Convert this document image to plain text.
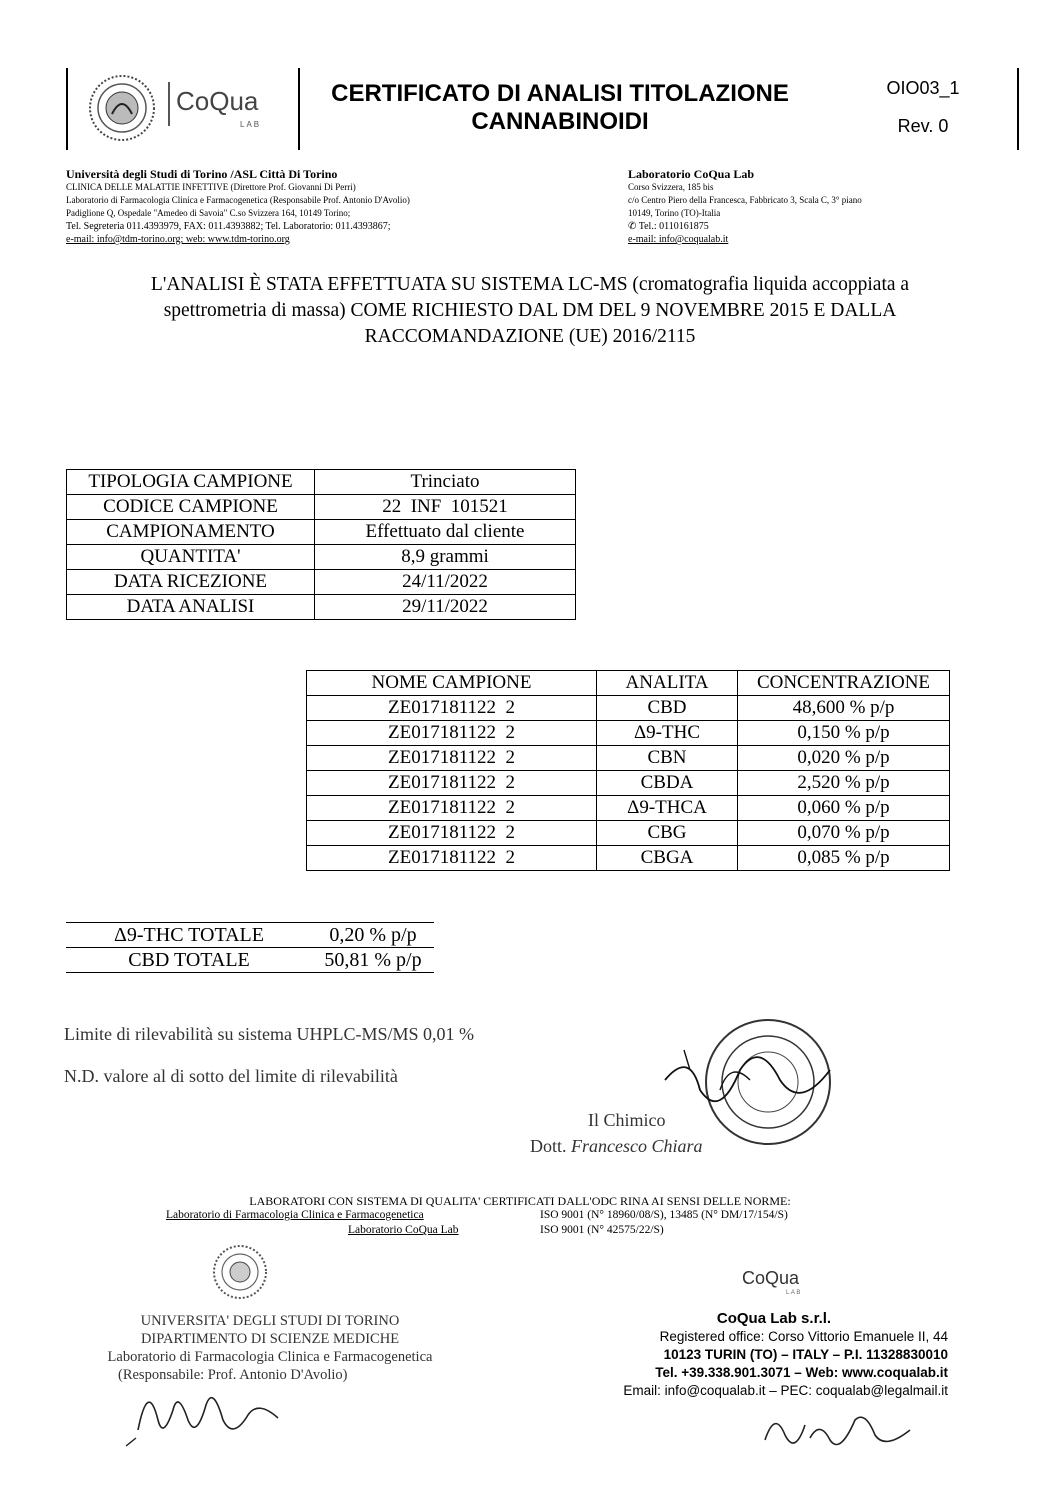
CoQua
LAB
CERTIFICATO DI ANALISI TITOLAZIONE
CANNABINOIDI
OIO03_1
Rev. 0
Università degli Studi di Torino /ASL Città Di Torino
CLINICA DELLE MALATTIE INFETTIVE (Direttore Prof. Giovanni Di Perri)
Laboratorio di Farmacologia Clinica e Farmacogenetica (Responsabile Prof. Antonio D'Avolio)
Padiglione Q, Ospedale "Amedeo di Savoia" C.so Svizzera 164, 10149 Torino;
Tel. Segreteria 011.4393979, FAX: 011.4393882; Tel. Laboratorio: 011.4393867;
e-mail: info@tdm-torino.org; web: www.tdm-torino.org
Laboratorio CoQua Lab
Corso Svizzera, 185 bis
c/o Centro Piero della Francesca, Fabbricato 3, Scala C, 3° piano
10149, Torino (TO)-Italia
✆ Tel.: 0110161875
e-mail: info@coqualab.it
L'ANALISI È STATA EFFETTUATA SU SISTEMA LC-MS (cromatografia liquida accoppiata a
spettrometria di massa) COME RICHIESTO DAL DM DEL 9 NOVEMBRE 2015 E DALLA
RACCOMANDAZIONE (UE) 2016/2115
TIPOLOGIA CAMPIONE	Trinciato
CODICE CAMPIONE	22  INF  101521
CAMPIONAMENTO	Effettuato dal cliente
QUANTITA'	8,9 grammi
DATA RICEZIONE	24/11/2022
DATA ANALISI	29/11/2022
NOME CAMPIONE	ANALITA	CONCENTRAZIONE
ZE017181122  2	CBD	48,600 % p/p
ZE017181122  2	Δ9-THC	0,150 % p/p
ZE017181122  2	CBN	0,020 % p/p
ZE017181122  2	CBDA	2,520 % p/p
ZE017181122  2	Δ9-THCA	0,060 % p/p
ZE017181122  2	CBG	0,070 % p/p
ZE017181122  2	CBGA	0,085 % p/p
Δ9-THC TOTALE	0,20 % p/p
CBD TOTALE	50,81 % p/p
Limite di rilevabilità su sistema UHPLC-MS/MS 0,01 %
N.D. valore al di sotto del limite di rilevabilità
Il Chimico
Dott. Francesco Chiara
LABORATORI CON SISTEMA DI QUALITA' CERTIFICATI DALL'ODC RINA AI SENSI DELLE NORME:
Laboratorio di Farmacologia Clinica e Farmacogenetica	ISO 9001 (N° 18960/08/S), 13485 (N° DM/17/154/S)
Laboratorio CoQua Lab	ISO 9001 (N° 42575/22/S)
CoQua
LAB
UNIVERSITA' DEGLI STUDI DI TORINO
DIPARTIMENTO DI SCIENZE MEDICHE
Laboratorio di Farmacologia Clinica e Farmacogenetica
(Responsabile: Prof. Antonio D'Avolio)
CoQua Lab s.r.l.
Registered office: Corso Vittorio Emanuele II, 44
10123 TURIN (TO) – ITALY – P.I. 11328830010
Tel. +39.338.901.3071 – Web: www.coqualab.it
Email: info@coqualab.it – PEC: coqualab@legalmail.it
